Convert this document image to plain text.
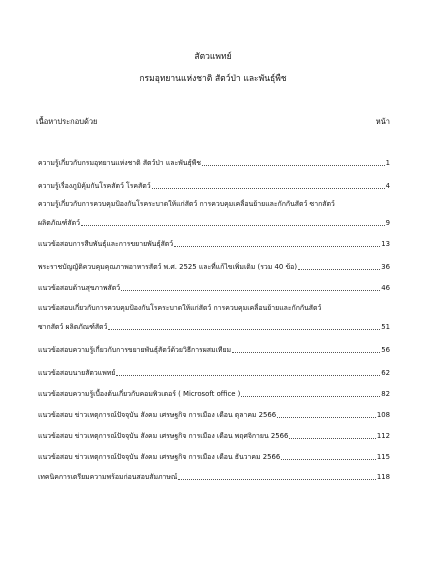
สัตวแพทย์
กรมอุทยานแห่งชาติ สัตว์ป่า และพันธุ์พืช
เนื้อหาประกอบด้วย	หน้า
ความรู้เกี่ยวกับกรมอุทยานแห่งชาติ สัตว์ป่า และพันธุ์พืช	1
ความรู้เรื่องภูมิคุ้มกันโรคสัตว์ โรคสัตว์	4
ความรู้เกี่ยวกับการควบคุมป้องกันโรคระบาดให้แก่สัตว์ การควบคุมเคลื่อนย้ายและกักกันสัตว์ ซากสัตว์
ผลิตภัณฑ์สัตว์	9
แนวข้อสอบการสืบพันธุ์และการขยายพันธุ์สัตว์	13
พระราชบัญญัติควบคุมคุณภาพอาหารสัตว์ พ.ศ. 2525 และที่แก้ไขเพิ่มเติม (รวม 40 ข้อ)	36
แนวข้อสอบด้านสุขภาพสัตว์	46
แนวข้อสอบเกี่ยวกับการควบคุมป้องกันโรคระบาดให้แก่สัตว์ การควบคุมเคลื่อนย้ายและกักกันสัตว์
ซากสัตว์ ผลิตภัณฑ์สัตว์	51
แนวข้อสอบความรู้เกี่ยวกับการขยายพันธุ์สัตว์ด้วยวิธีการผสมเทียม	56
แนวข้อสอบนายสัตวแพทย์	62
แนวข้อสอบความรู้เบื้องต้นเกี่ยวกับคอมพิวเตอร์ ( Microsoft office )	82
แนวข้อสอบ ข่าวเหตุการณ์ปัจจุบัน สังคม เศรษฐกิจ การเมือง เดือน ตุลาคม 2566	108
แนวข้อสอบ ข่าวเหตุการณ์ปัจจุบัน สังคม เศรษฐกิจ การเมือง เดือน พฤศจิกายน 2566	112
แนวข้อสอบ ข่าวเหตุการณ์ปัจจุบัน สังคม เศรษฐกิจ การเมือง เดือน ธันวาคม 2566	115
เทคนิคการเตรียมความพร้อมก่อนสอบสัมภาษณ์	118
